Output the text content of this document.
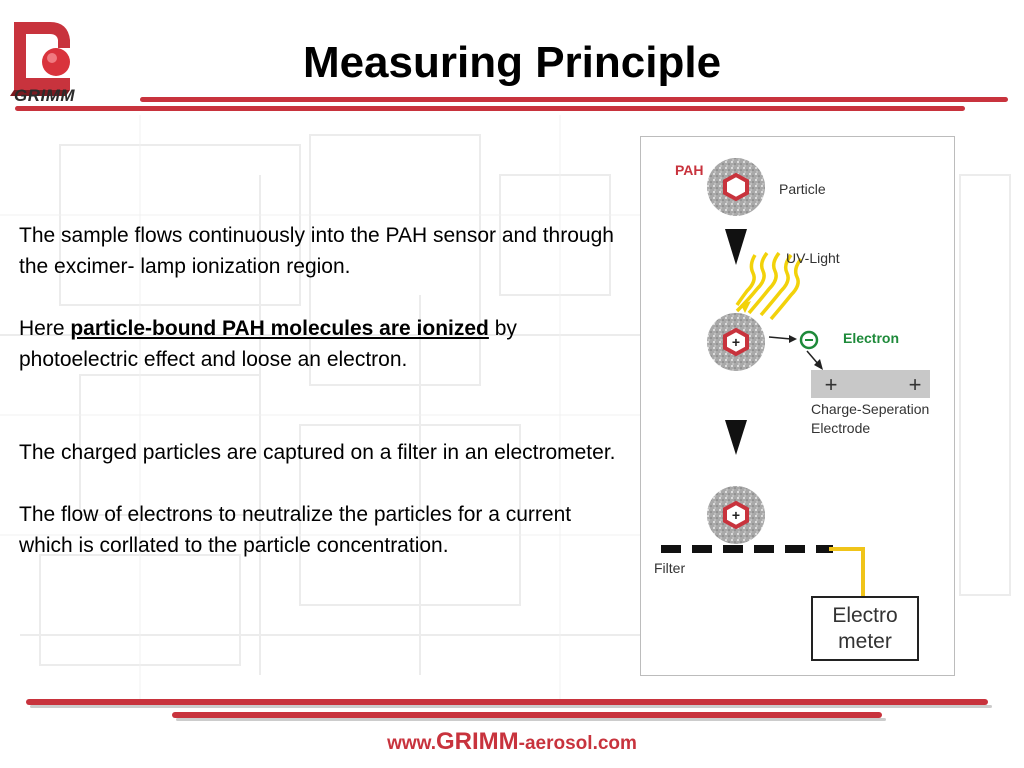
GRIMM
Measuring Principle

The sample flows continuously into the PAH sensor and through the excimer- lamp ionization region.

Here particle-bound PAH molecules are ionized by photoelectric effect and loose an electron.

The charged particles are captured on a filter in an electrometer.

The flow of electrons to neutralize the particles for a current which is corllated to the particle concentration.

+
+	+
+
PAH
Particle
UV-Light
Electron
Charge-Seperation
Electrode
Filter
Electro
meter
www.GRIMM-aerosol.com
